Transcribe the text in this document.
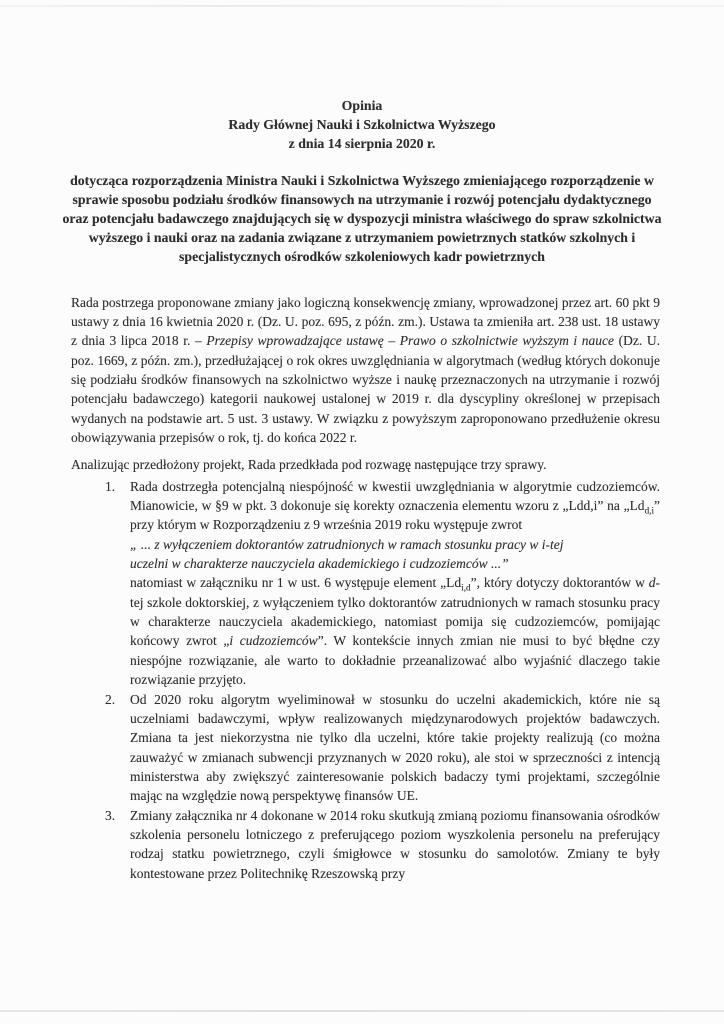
Opinia
Rady Głównej Nauki i Szkolnictwa Wyższego
z dnia 14 sierpnia 2020 r.
dotycząca rozporządzenia Ministra Nauki i Szkolnictwa Wyższego zmieniającego rozporządzenie w sprawie sposobu podziału środków finansowych na utrzymanie i rozwój potencjału dydaktycznego oraz potencjału badawczego znajdujących się w dyspozycji ministra właściwego do spraw szkolnictwa wyższego i nauki oraz na zadania związane z utrzymaniem powietrznych statków szkolnych i specjalistycznych ośrodków szkoleniowych kadr powietrznych

Rada postrzega proponowane zmiany jako logiczną konsekwencję zmiany, wprowadzonej przez art. 60 pkt 9 ustawy z dnia 16 kwietnia 2020 r. (Dz. U. poz. 695, z późn. zm.). Ustawa ta zmieniła art. 238 ust. 18 ustawy z dnia 3 lipca 2018 r. – Przepisy wprowadzające ustawę – Prawo o szkolnictwie wyższym i nauce (Dz. U. poz. 1669, z późn. zm.), przedłużającej o rok okres uwzględniania w algorytmach (według których dokonuje się podziału środków finansowych na szkolnictwo wyższe i naukę przeznaczonych na utrzymanie i rozwój potencjału badawczego) kategorii naukowej ustalonej w 2019 r. dla dyscypliny określonej w przepisach wydanych na podstawie art. 5 ust. 3 ustawy. W związku z powyższym zaproponowano przedłużenie okresu obowiązywania przepisów o rok, tj. do końca 2022 r.

Analizując przedłożony projekt, Rada przedkłada pod rozwagę następujące trzy sprawy.

1. Rada dostrzegła potencjalną niespójność w kwestii uwzględniania w algorytmie cudzoziemców. Mianowicie, w §9 w pkt. 3 dokonuje się korekty oznaczenia elementu wzoru z „Ldd,i” na $„Ld_{d,i}$” przy którym w Rozporządzeniu z 9 września 2019 roku występuje zwrot
„ ... z wyłączeniem doktorantów zatrudnionych w ramach stosunku pracy w i-tej uczelni w charakterze nauczyciela akademickiego i cudzoziemców ...”
natomiast w załączniku nr 1 w ust. 6 występuje element $„Ld_{i,d}$”, który dotyczy doktorantów w d-tej szkole doktorskiej, z wyłączeniem tylko doktorantów zatrudnionych w ramach stosunku pracy w charakterze nauczyciela akademickiego, natomiast pomija się cudzoziemców, pomijając końcowy zwrot „i cudzoziemców”. W kontekście innych zmian nie musi to być błędne czy niespójne rozwiązanie, ale warto to dokładnie przeanalizować albo wyjaśnić dlaczego takie rozwiązanie przyjęto.
2. Od 2020 roku algorytm wyeliminował w stosunku do uczelni akademickich, które nie są uczelniami badawczymi, wpływ realizowanych międzynarodowych projektów badawczych. Zmiana ta jest niekorzystna nie tylko dla uczelni, które takie projekty realizują (co można zauważyć w zmianach subwencji przyznanych w 2020 roku), ale stoi w sprzeczności z intencją ministerstwa aby zwiększyć zainteresowanie polskich badaczy tymi projektami, szczególnie mając na względzie nową perspektywę finansów UE.
3. Zmiany załącznika nr 4 dokonane w 2014 roku skutkują zmianą poziomu finansowania ośrodków szkolenia personelu lotniczego z preferującego poziom wyszkolenia personelu na preferujący rodzaj statku powietrznego, czyli śmigłowce w stosunku do samolotów. Zmiany te były kontestowane przez Politechnikę Rzeszowską przy
